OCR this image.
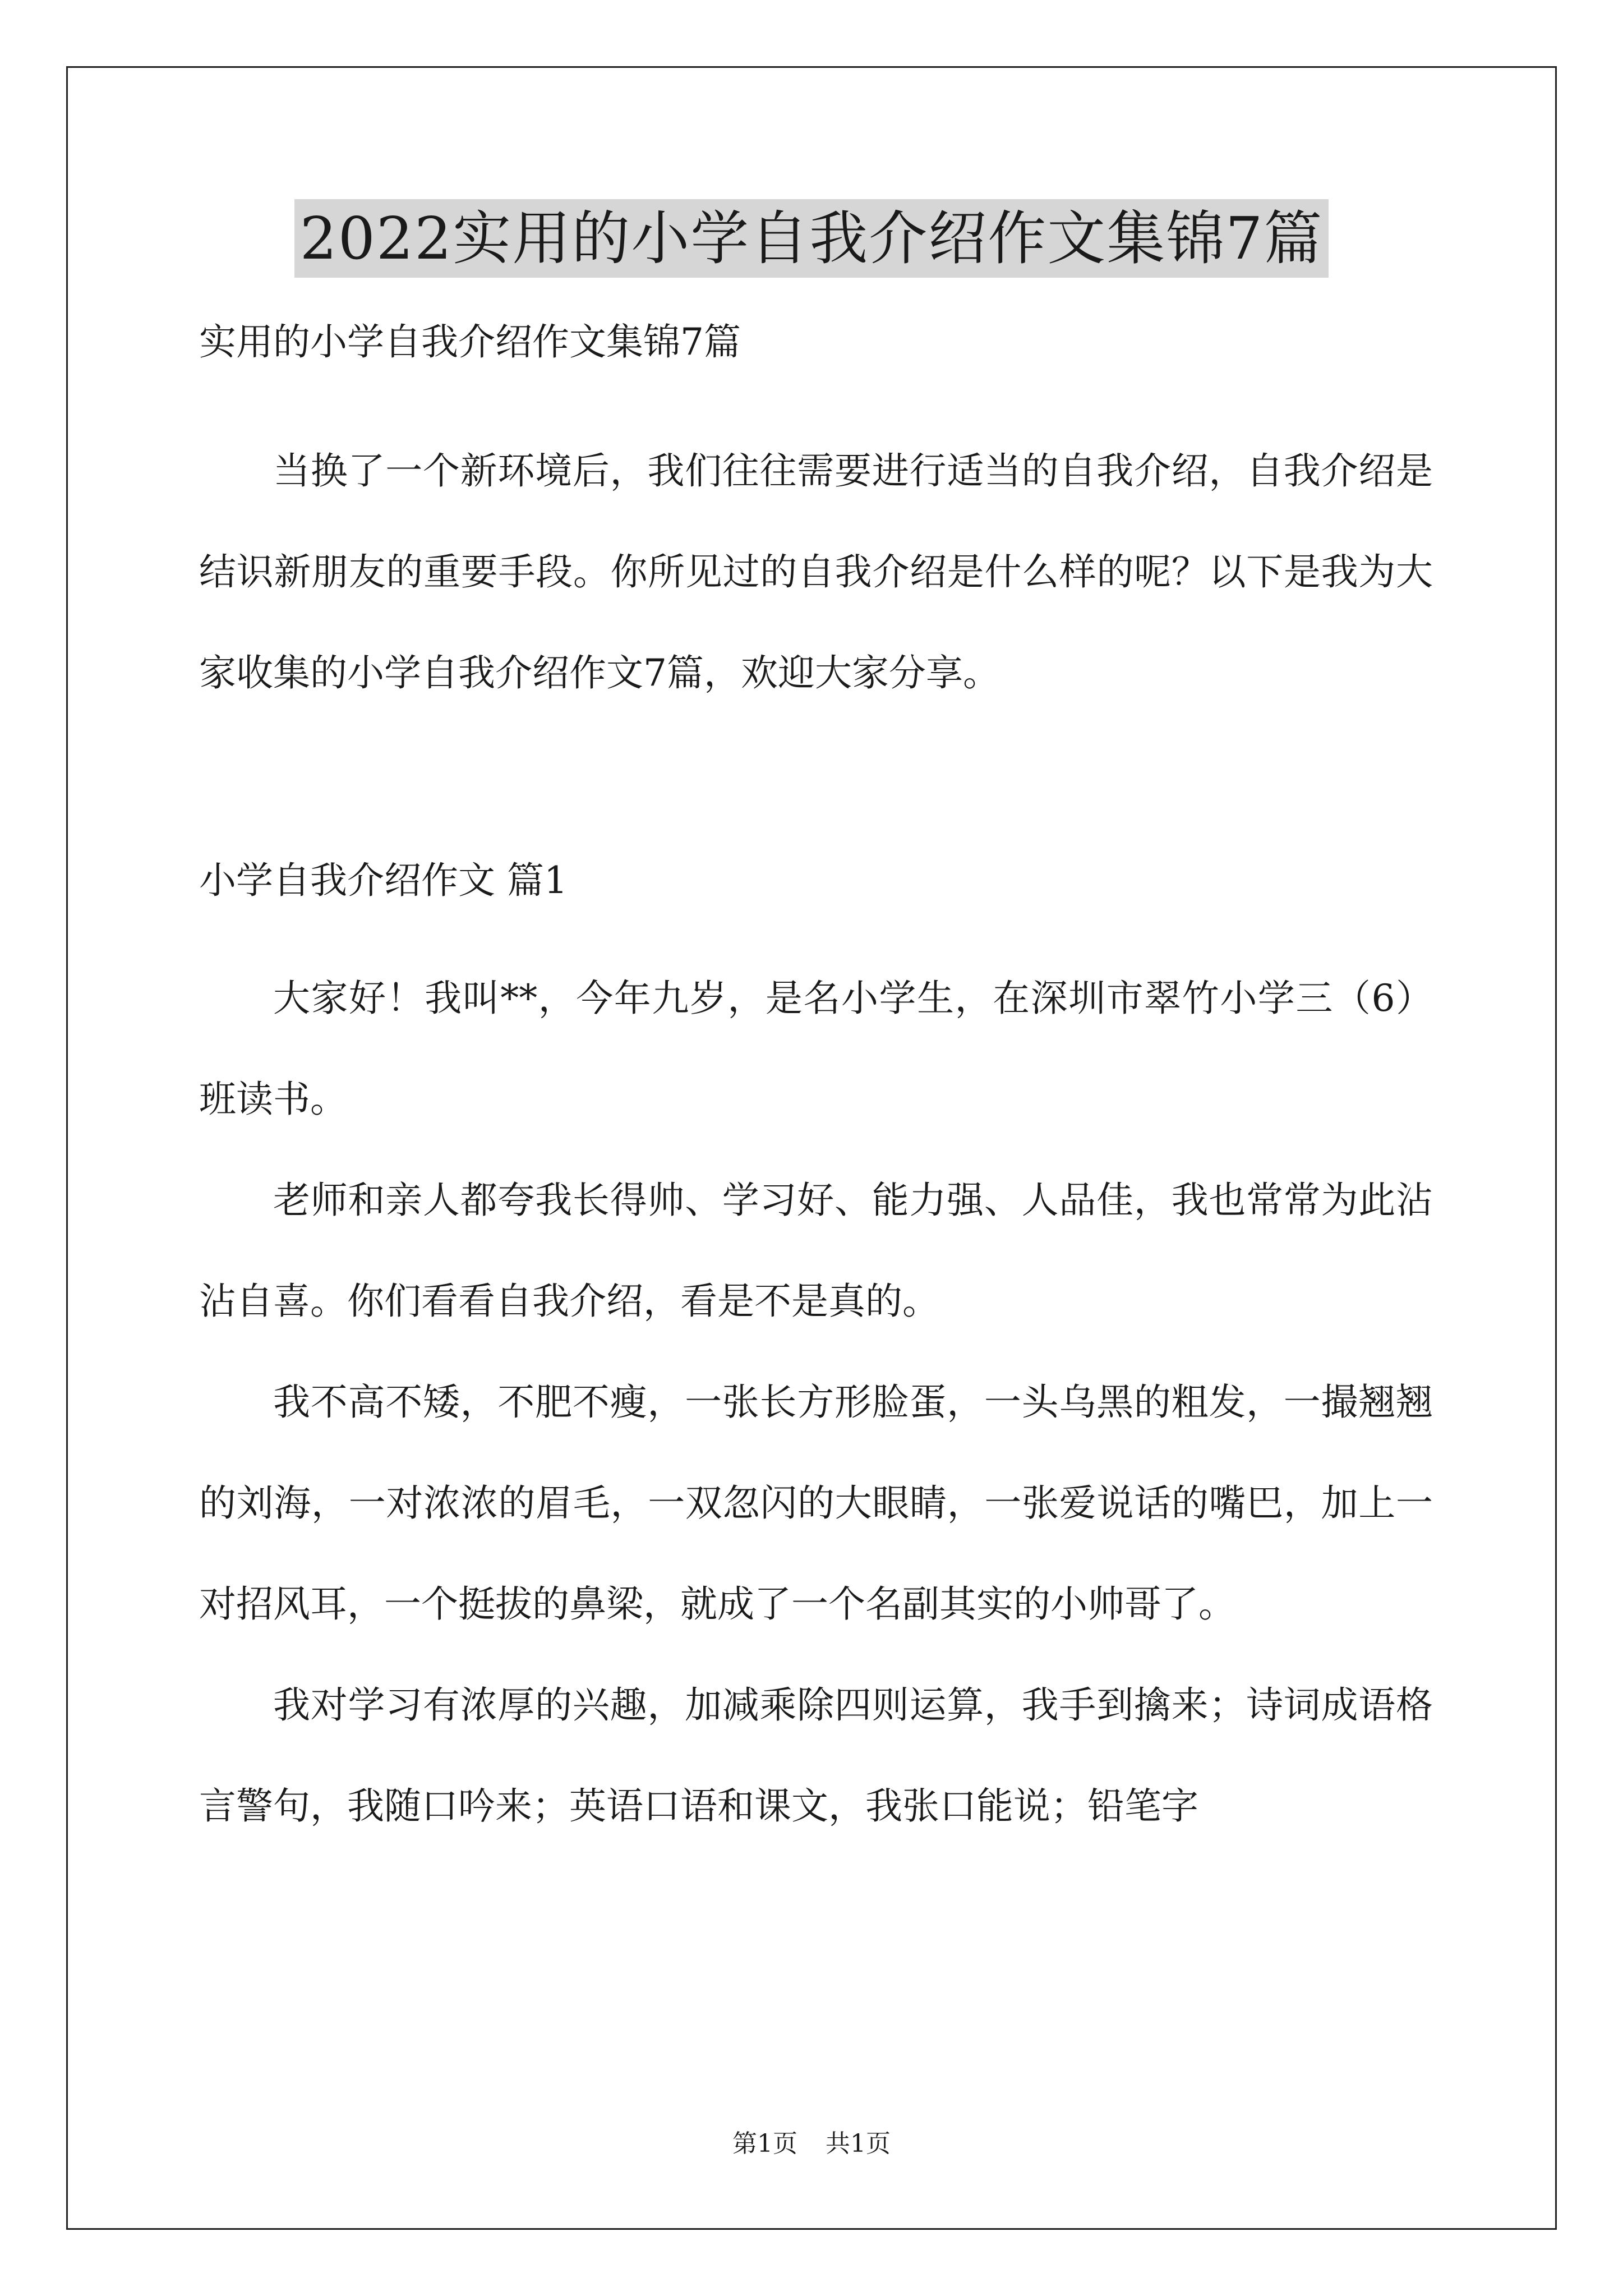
2022实用的小学自我介绍作文集锦7篇

实用的小学自我介绍作文集锦7篇

当换了一个新环境后，我们往往需要进行适当的自我介绍，自我介绍是结识新朋友的重要手段。你所见过的自我介绍是什么样的呢？以下是我为大家收集的小学自我介绍作文7篇，欢迎大家分享。

小学自我介绍作文 篇1

大家好！我叫**，今年九岁，是名小学生，在深圳市翠竹小学三（6）班读书。

老师和亲人都夸我长得帅、学习好、能力强、人品佳，我也常常为此沾沾自喜。你们看看自我介绍，看是不是真的。

我不高不矮，不肥不瘦，一张长方形脸蛋，一头乌黑的粗发，一撮翘翘的刘海，一对浓浓的眉毛，一双忽闪的大眼睛，一张爱说话的嘴巴，加上一对招风耳，一个挺拔的鼻梁，就成了一个名副其实的小帅哥了。

我对学习有浓厚的兴趣，加减乘除四则运算，我手到擒来；诗词成语格言警句，我随口吟来；英语口语和课文，我张口能说；铅笔字

第1页 共1页
